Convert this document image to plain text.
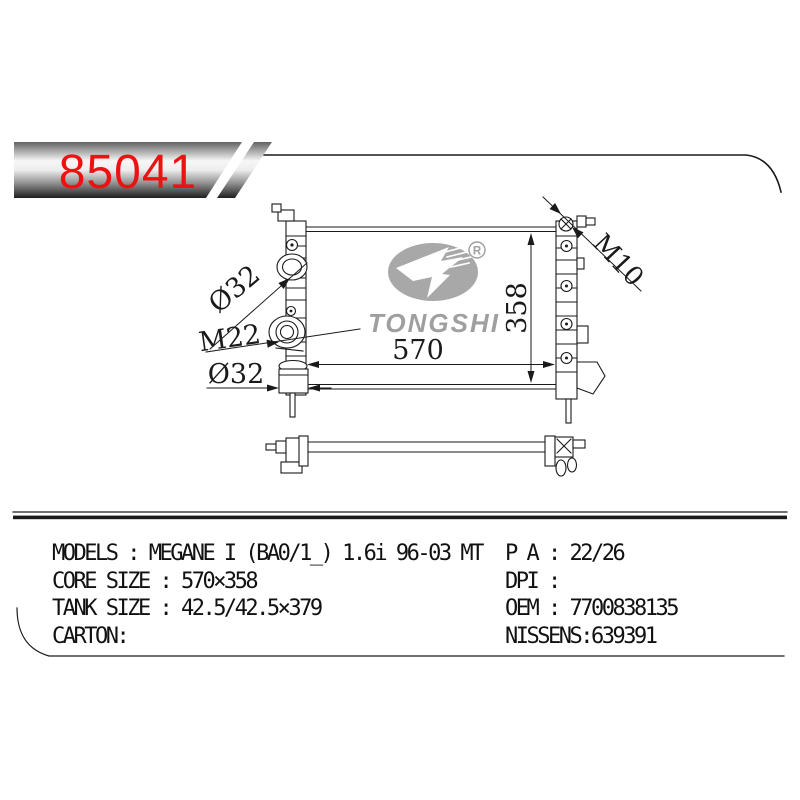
85041
R
TONGSHI
570
358
Ø32
M22
Ø32
M10
MODELS : MEGANE I (BA0/1_) 1.6i 96-03 MT
CORE SIZE : 570×358
TANK SIZE : 42.5/42.5×379
CARTON:
P A : 22/26
DPI :
OEM : 7700838135
NISSENS:639391
